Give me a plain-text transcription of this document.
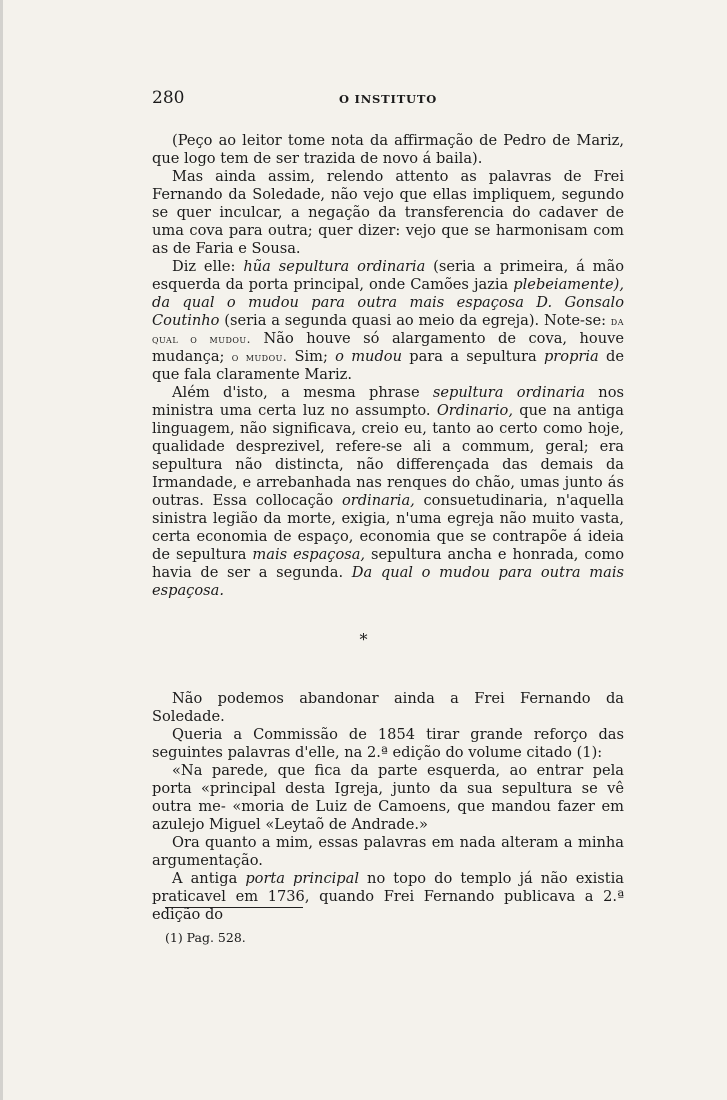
280	O INSTITUTO

(Peço ao leitor tome nota da affirmação de Pedro de Mariz, que logo tem de ser trazida de novo á baila).

Mas ainda assim, relendo attento as palavras de Frei Fernando da Soledade, não vejo que ellas impliquem, segundo se quer inculcar, a negação da transferencia do cadaver de uma cova para outra; quer dizer: vejo que se harmonisam com as de Faria e Sousa.

Diz elle: hũa sepultura ordinaria (seria a primeira, á mão esquerda da porta principal, onde Camões jazia plebeiamente), da qual o mudou para outra mais espaçosa D. Gonsalo Coutinho (seria a segunda quasi ao meio da egreja). Note-se: da qual o mudou. Não houve só alargamento de cova, houve mudança; o mudou. Sim; o mudou para a sepultura propria de que fala claramente Mariz.

Além d'isto, a mesma phrase sepultura ordinaria nos ministra uma certa luz no assumpto. Ordinario, que na antiga linguagem, não significava, creio eu, tanto ao certo como hoje, qualidade desprezivel, refere-se ali a commum, geral; era sepultura não distincta, não differençada das demais da Irmandade, e arrebanhada nas renques do chão, umas junto ás outras. Essa collocação ordinaria, consuetudinaria, n'aquella sinistra legião da morte, exigia, n'uma egreja não muito vasta, certa economia de espaço, economia que se contrapõe á ideia de sepultura mais espaçosa, sepultura ancha e honrada, como havia de ser a segunda. Da qual o mudou para outra mais espaçosa.

*

Não podemos abandonar ainda a Frei Fernando da Soledade.

Queria a Commissão de 1854 tirar grande reforço das seguintes palavras d'elle, na 2.ª edição do volume citado (1):

«Na parede, que fica da parte esquerda, ao entrar pela porta «principal desta Igreja, junto da sua sepultura se vê outra me- «moria de Luiz de Camoens, que mandou fazer em azulejo Miguel «Leytaõ de Andrade.»

Ora quanto a mim, essas palavras em nada alteram a minha argumentação.

A antiga porta principal no topo do templo já não existia praticavel em 1736, quando Frei Fernando publicava a 2.ª edição do

(1) Pag. 528.
